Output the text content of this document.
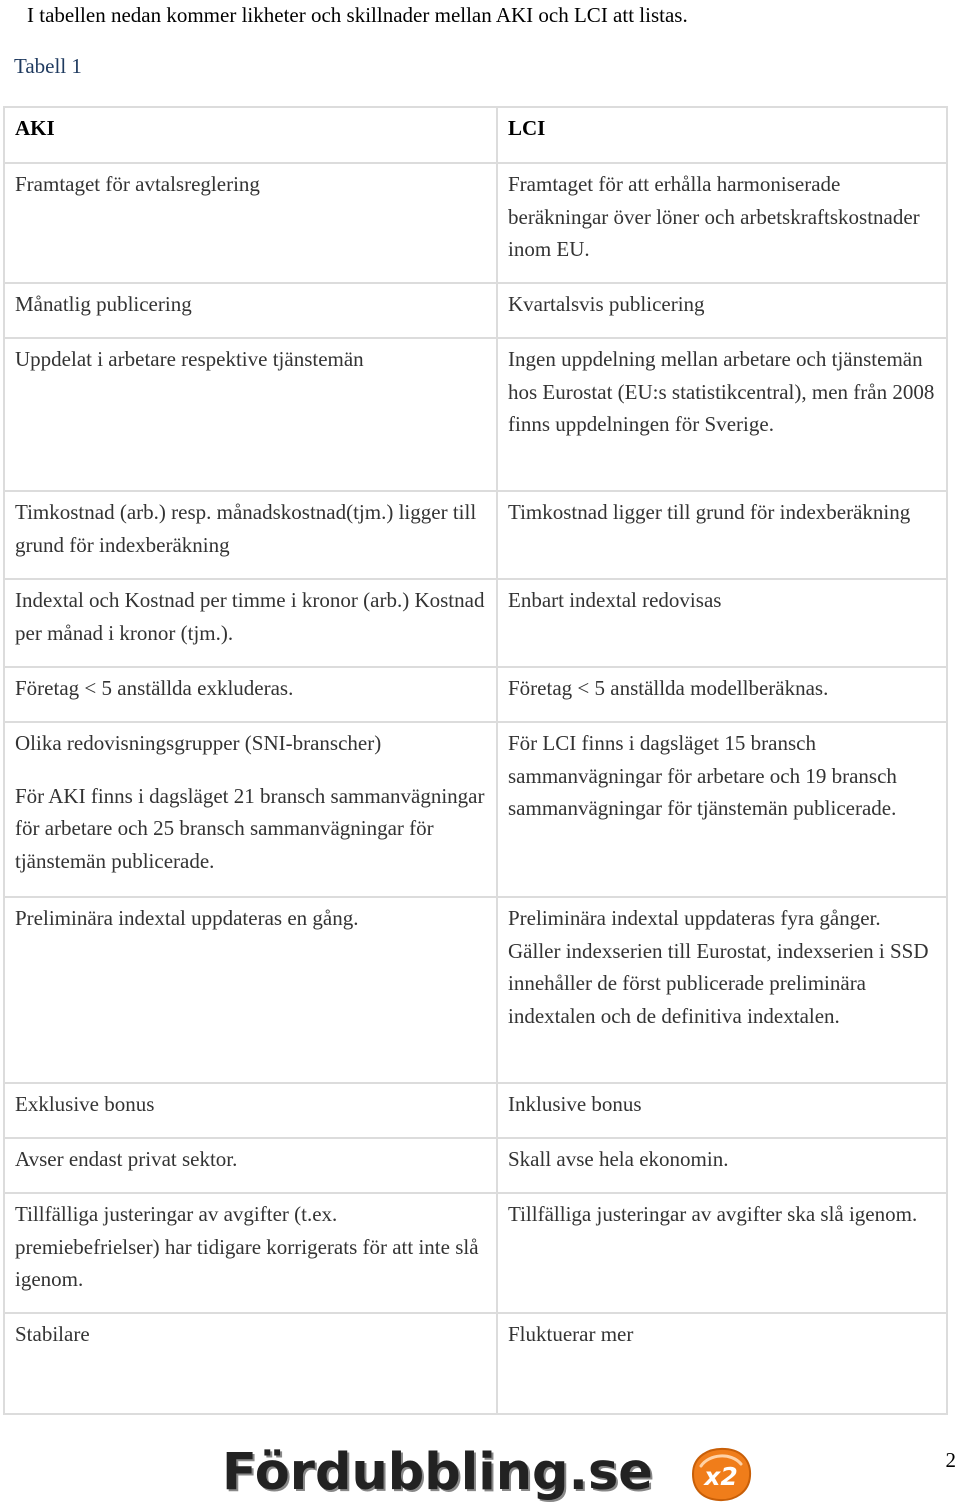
I tabellen nedan kommer likheter och skillnader mellan AKI och LCI att listas.
Tabell 1
AKI	LCI
Framtaget för avtalsreglering	Framtaget för att erhålla harmoniserade beräkningar över löner och arbetskraftskostnader inom EU.
Månatlig publicering	Kvartalsvis publicering
Uppdelat i arbetare respektive tjänstemän	Ingen uppdelning mellan arbetare och tjänstemän hos Eurostat (EU:s statistikcentral), men från 2008 finns uppdelningen för Sverige.
Timkostnad (arb.) resp. månadskostnad(tjm.) ligger till grund för indexberäkning	Timkostnad ligger till grund för indexberäkning
Indextal och Kostnad per timme i kronor (arb.) Kostnad per månad i kronor (tjm.).	Enbart indextal redovisas
Företag < 5 anställda exkluderas.	Företag < 5 anställda modellberäknas.
Olika redovisningsgrupper (SNI-branscher)
För AKI finns i dagsläget 21 bransch sammanvägningar för arbetare och 25 bransch sammanvägningar för tjänstemän publicerade.	För LCI finns i dagsläget 15 bransch sammanvägningar för arbetare och 19 bransch sammanvägningar för tjänstemän publicerade.
Preliminära indextal uppdateras en gång.	Preliminära indextal uppdateras fyra gånger. Gäller indexserien till Eurostat, indexserien i SSD innehåller de först publicerade preliminära indextalen och de definitiva indextalen.
Exklusive bonus	Inklusive bonus
Avser endast privat sektor.	Skall avse hela ekonomin.
Tillfälliga justeringar av avgifter (t.ex. premiebefrielser) har tidigare korrigerats för att inte slå igenom.	Tillfälliga justeringar av avgifter ska slå igenom.
Stabilare	Fluktuerar mer
Fördubbling.se x2
2
